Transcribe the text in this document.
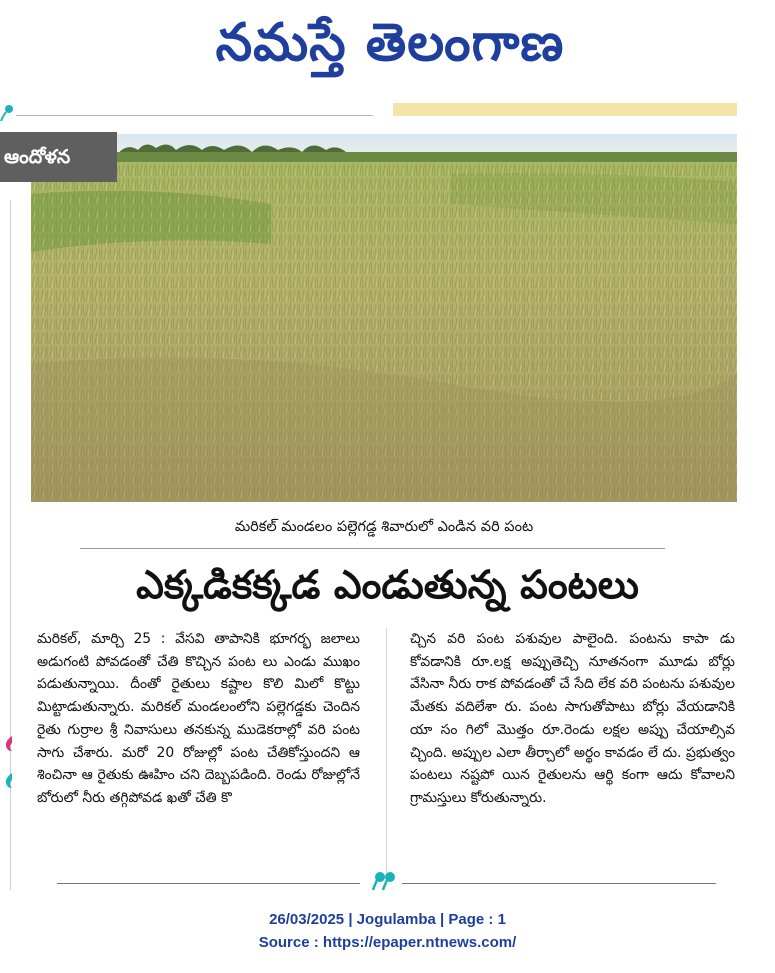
నమస్తే తెలంగాణ
ఆందోళన
మరికల్‌ మండలం పల్లెగడ్డ శివారులో ఎండిన వరి పంట
ఎక్కడికక్కడ ఎండుతున్న పంటలు
మరికల్‌, మార్చి 25 : వేసవి తాపానికి భూగర్భ జలాలు అడుగంటి పోవడంతో చేతి కొచ్చిన పంట లు ఎండు ముఖం పడుతున్నాయి. దీంతో రైతులు కష్టాల కొలి మిలో కొట్టు మిట్టాడుతున్నారు. మరికల్‌ మండలంలోని పల్లెగడ్డకు చెందిన రైతు గుర్రాల శ్రీ నివాసులు తనకున్న ముడెకరాల్లో వరి పంట సాగు చేశారు. మరో 20 రోజుల్లో పంట చేతికోస్తుందని ఆ శించినా ఆ రైతుకు ఊహిం చని దెబ్బపడింది. రెండు రోజుల్లోనే బోరులో నీరు తగ్గిపోవడ ఖతో చేతి కొ
చ్చిన వరి పంట పశువుల పాలైంది. పంటను కాపా డు కోవడానికి రూ.లక్ష అప్పుతెచ్చి నూతనంగా మూడు బోర్లు వేసినా నీరు రాక పోవడంతో చే సేది లేక వరి పంటను పశువుల మేతకు వదిలేశా రు. పంట సాగుతోపాటు బోర్లు వేయడానికి యా సం గిలో మొత్తం రూ.రెండు లక్షల అప్పు చేయాల్సివ చ్చింది. అప్పుల ఎలా తీర్చాలో అర్థం కావడం లే దు. ప్రభుత్వం పంటలు నష్టపో యిన రైతులను ఆర్థి కంగా ఆదు కోవాలని గ్రామస్తులు కోరుతున్నారు.
26/03/2025 | Jogulamba | Page : 1
Source : https://epaper.ntnews.com/
